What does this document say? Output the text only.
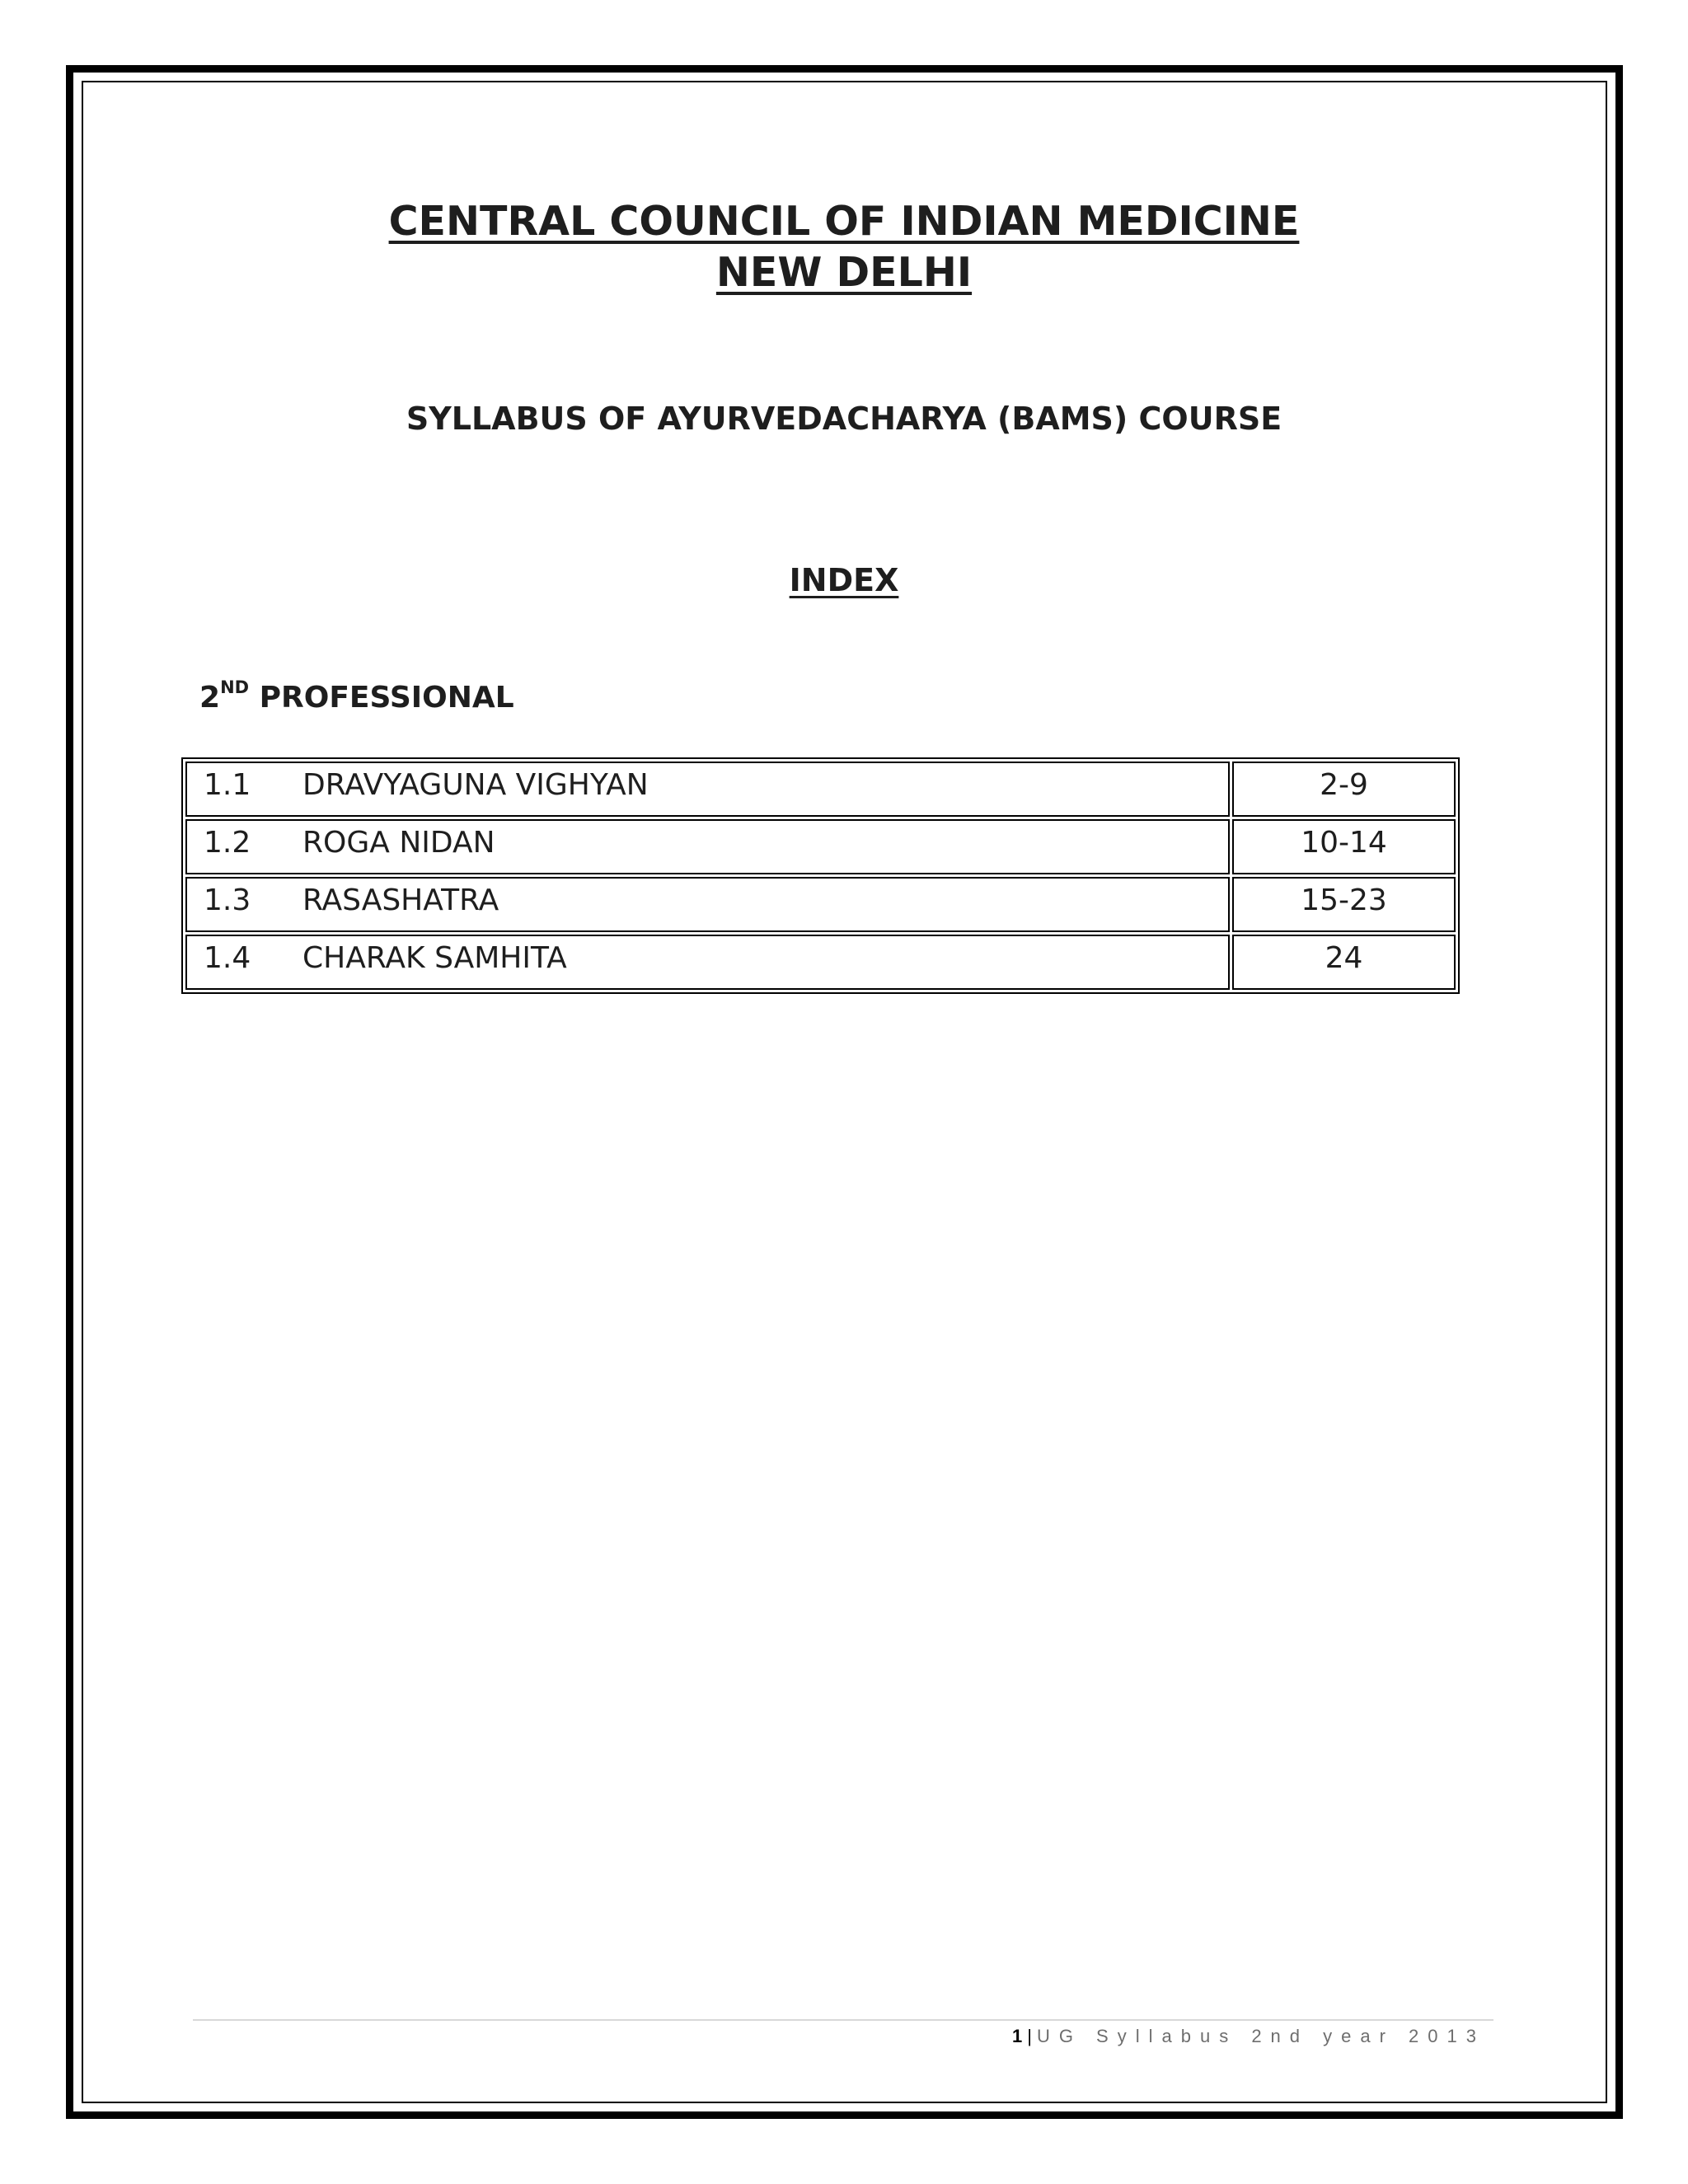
CENTRAL COUNCIL OF INDIAN MEDICINE
NEW DELHI
SYLLABUS OF AYURVEDACHARYA (BAMS) COURSE
INDEX
2ND PROFESSIONAL
1.1 DRAVYAGUNA VIGHYAN	2-9

1.2 ROGA NIDAN	10-14

1.3 RASASHATRA	15-23

1.4 CHARAK SAMHITA	24
1 | UG Syllabus 2nd year 2013
